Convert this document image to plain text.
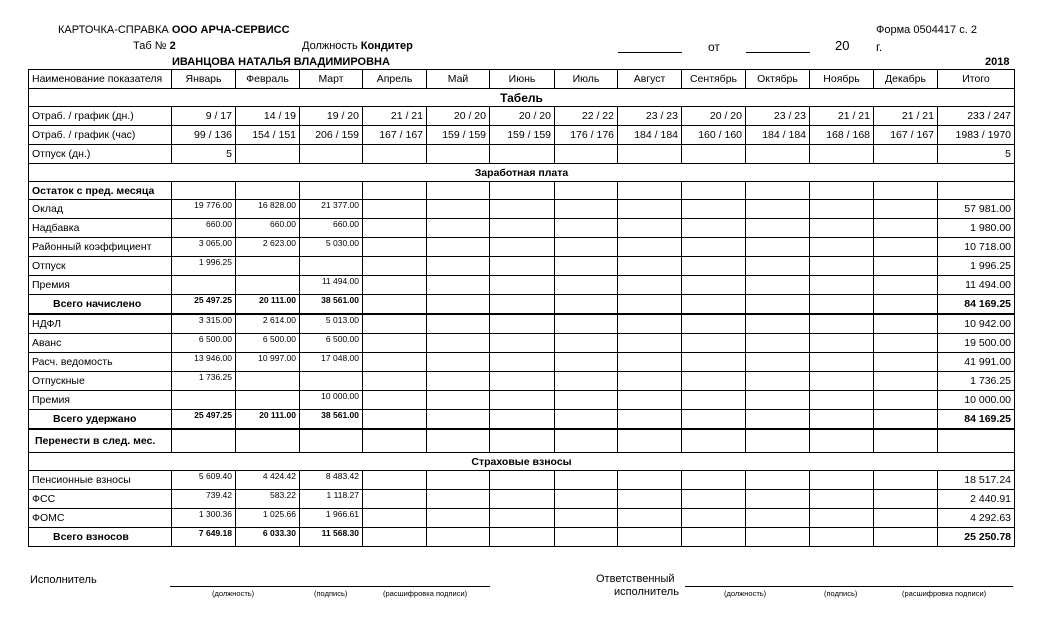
КАРТОЧКА-СПРАВКА ООО АРЧА-СЕРВИСС	Форма 0504417 с. 2
Таб № 2	Должность Кондитер	от	20 г.
ИВАНЦОВА НАТАЛЬЯ ВЛАДИМИРОВНА	2018
Наименование показателя	Январь	Февраль	Март	Апрель	Май	Июнь	Июль	Август	Сентябрь	Октябрь	Ноябрь	Декабрь	Итого
Табель													
Отраб. / график (дн.)	9 / 17	14 / 19	19 / 20	21 / 21	20 / 20	20 / 20	22 / 22	23 / 23	20 / 20	23 / 23	21 / 21	21 / 21	233 / 247
Отраб. / график (час)	99 / 136	154 / 151	206 / 159	167 / 167	159 / 159	159 / 159	176 / 176	184 / 184	160 / 160	184 / 184	168 / 168	167 / 167	1983 / 1970
Отпуск (дн.)	5												5
Заработная плата													
Остаток с пред. месяца													
Оклад	19 776.00	16 828.00	21 377.00										57 981.00
Надбавка	660.00	660.00	660.00										1 980.00
Районный коэффициент	3 065.00	2 623.00	5 030.00										10 718.00
Отпуск	1 996.25												1 996.25
Премия			11 494.00										11 494.00
Всего начислено	25 497.25	20 111.00	38 561.00										84 169.25
НДФЛ	3 315.00	2 614.00	5 013.00										10 942.00
Аванс	6 500.00	6 500.00	6 500.00										19 500.00
Расч. ведомость	13 946.00	10 997.00	17 048.00										41 991.00
Отпускные	1 736.25												1 736.25
Премия			10 000.00										10 000.00
Всего удержано	25 497.25	20 111.00	38 561.00										84 169.25
Перенести в след. мес.													
Страховые взносы													
Пенсионные взносы	5 609.40	4 424.42	8 483.42										18 517.24
ФСС	739.42	583.22	1 118.27										2 440.91
ФОМС	1 300.36	1 025.66	1 966.61										4 292.63
Всего взносов	7 649.18	6 033.30	11 568.30										25 250.78
Исполнитель
(должность)	(подпись)	(расшифровка подписи)
Ответственный
исполнитель	(должность)	(подпись)	(расшифровка подписи)
